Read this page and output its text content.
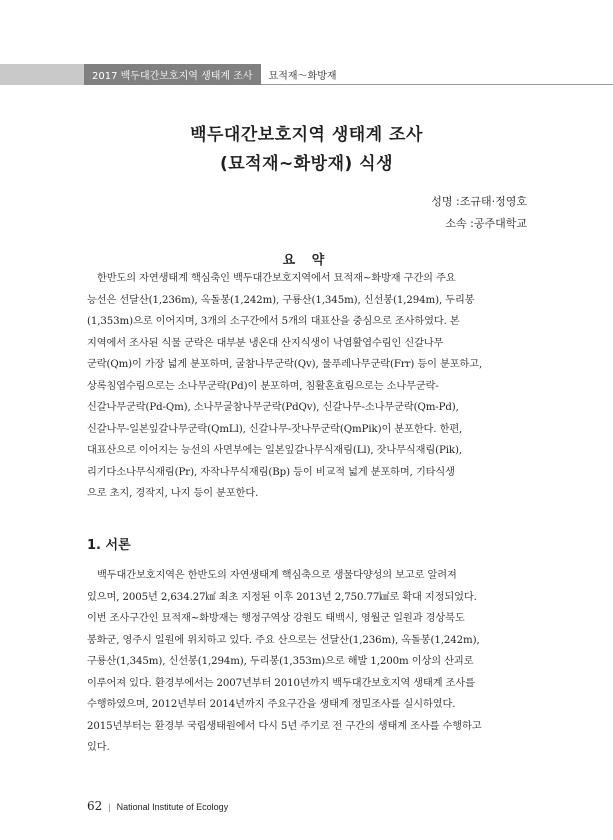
2017 백두대간보호지역 생태계 조사	묘적재～화방재
백두대간보호지역 생태계 조사
(묘적재~화방재) 식생
성명 :조규태·정영호
소속 :공주대학교
요 약
한반도의 자연생태계 핵심축인 백두대간보호지역에서 묘적재~화방재 구간의 주요
능선은 선달산(1,236m), 옥돌봉(1,242m), 구룡산(1,345m), 신선봉(1,294m), 두리봉
(1,353m)으로 이어지며, 3개의 소구간에서 5개의 대표산을 중심으로 조사하였다. 본
지역에서 조사된 식물 군락은 대부분 냉온대 산지식생이 낙엽활엽수림인 신갈나무
군락(Qm)이 가장 넓게 분포하며, 굴참나무군락(Qv), 물푸레나무군락(Frr) 등이 분포하고,
상록침엽수림으로는 소나무군락(Pd)이 분포하며, 침활혼효림으로는 소나무군락-
신갈나무군락(Pd-Qm), 소나무굴참나무군락(PdQv), 신갈나무-소나무군락(Qm-Pd),
신갈나무-일본잎갈나무군락(QmLl), 신갈나무-잣나무군락(QmPik)이 분포한다. 한편,
대표산으로 이어지는 능선의 사면부에는 일본잎갈나무식재림(Ll), 잣나무식재림(Pik),
리기다소나무식재림(Pr), 자작나무식재림(Bp) 등이 비교적 넓게 분포하며, 기타식생
으로 초지, 경작지, 나지 등이 분포한다.
1. 서론
백두대간보호지역은 한반도의 자연생태계 핵심축으로 생물다양성의 보고로 알려져
있으며, 2005년 2,634.27㎢ 최초 지정된 이후 2013년 2,750.77㎢로 확대 지정되었다.
이번 조사구간인 묘적재~화방재는 행정구역상 강원도 태백시, 영월군 일원과 경상북도
봉화군, 영주시 일원에 위치하고 있다. 주요 산으로는 선달산(1,236m), 옥돌봉(1,242m),
구룡산(1,345m), 신선봉(1,294m), 두리봉(1,353m)으로 해발 1,200m 이상의 산괴로
이루어져 있다. 환경부에서는 2007년부터 2010년까지 백두대간보호지역 생태계 조사를
수행하였으며, 2012년부터 2014년까지 주요구간을 생태계 정밀조사를 실시하였다.
2015년부터는 환경부 국립생태원에서 다시 5년 주기로 전 구간의 생태계 조사를 수행하고
있다.
62 | National Institute of Ecology
